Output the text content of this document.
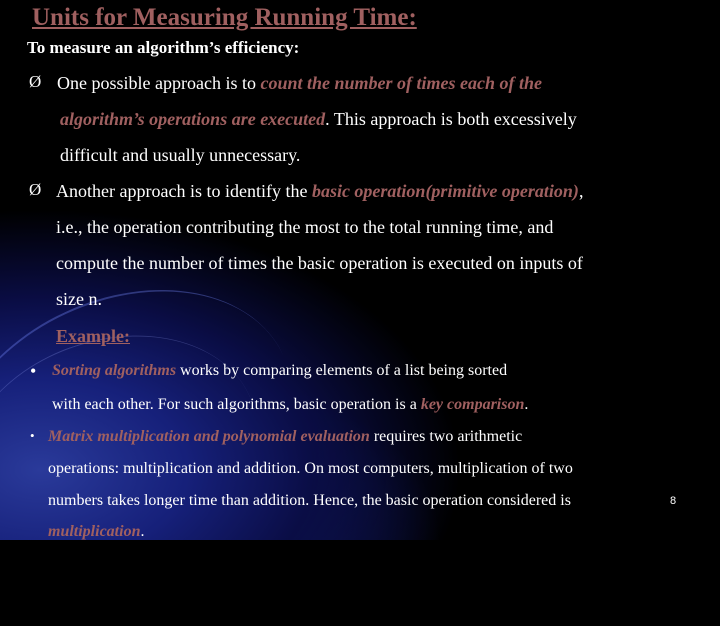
Units for Measuring Running Time:
To measure an algorithm’s efficiency:
Ø One possible approach is to count the number of times each of the
algorithm’s operations are executed. This approach is both excessively
difficult and usually unnecessary.
Ø Another approach is to identify the basic operation(primitive operation),
i.e., the operation contributing the most to the total running time, and
compute the number of times the basic operation is executed on inputs of
size n.
Example:
• Sorting algorithms works by comparing elements of a list being sorted
with each other. For such algorithms, basic operation is a key comparison.
• Matrix multiplication and polynomial evaluation requires two arithmetic
operations: multiplication and addition. On most computers, multiplication of two
numbers takes longer time than addition. Hence, the basic operation considered is
multiplication.
8
